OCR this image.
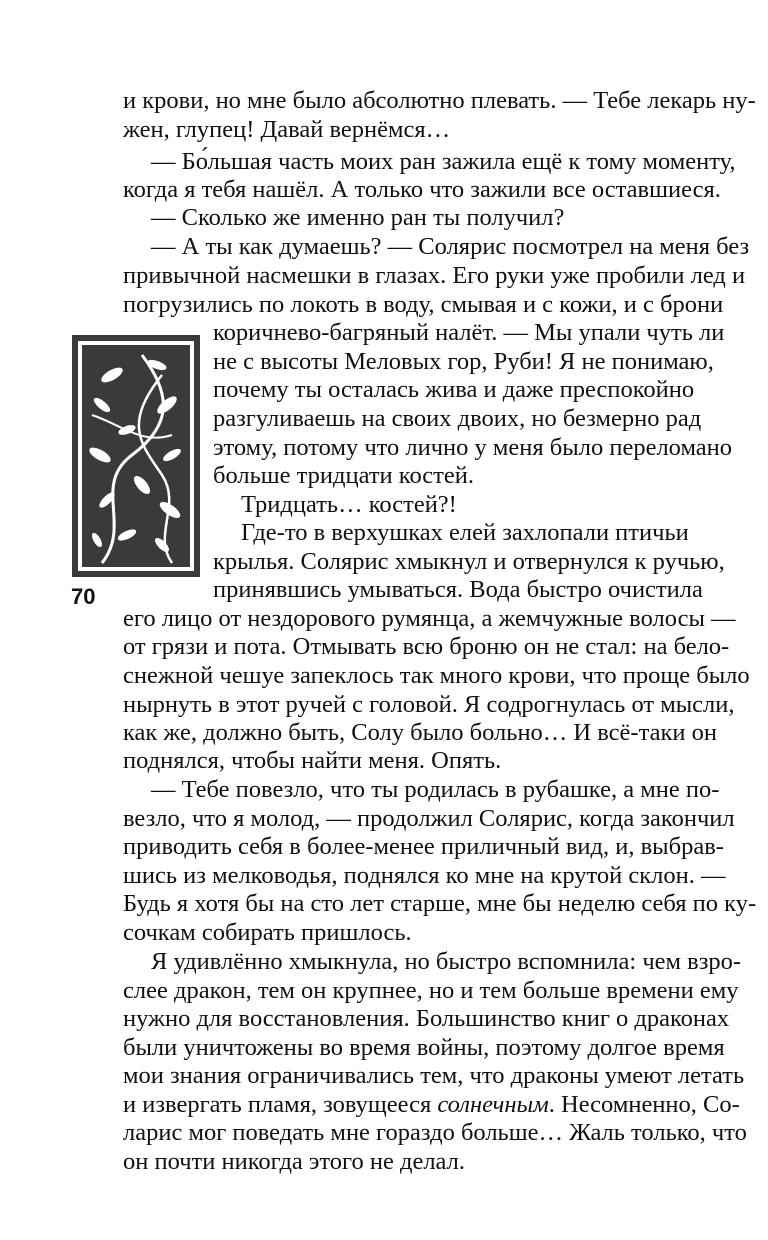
70
и крови, но мне было абсолютно плевать. — Тебе лекарь ну-
жен, глупец! Давай вернёмся…
— Бо́льшая часть моих ран зажила ещё к тому моменту,
когда я тебя нашёл. А только что зажили все оставшиеся.
— Сколько же именно ран ты получил?
— А ты как думаешь? — Солярис посмотрел на меня без
привычной насмешки в глазах. Его руки уже пробили лед и
погрузились по локоть в воду, смывая и с кожи, и с брони
коричнево-багряный налёт. — Мы упали чуть ли
не с высоты Меловых гор, Руби! Я не понимаю,
почему ты осталась жива и даже преспокойно
разгуливаешь на своих двоих, но безмерно рад
этому, потому что лично у меня было переломано
больше тридцати костей.
Тридцать… костей?!
Где-то в верхушках елей захлопали птичьи
крылья. Солярис хмыкнул и отвернулся к ручью,
принявшись умываться. Вода быстро очистила
его лицо от нездорового румянца, а жемчужные волосы —
от грязи и пота. Отмывать всю броню он не стал: на бело-
снежной чешуе запеклось так много крови, что проще было
нырнуть в этот ручей с головой. Я содрогнулась от мысли,
как же, должно быть, Солу было больно… И всё-таки он
поднялся, чтобы найти меня. Опять.
— Тебе повезло, что ты родилась в рубашке, а мне по-
везло, что я молод, — продолжил Солярис, когда закончил
приводить себя в более-менее приличный вид, и, выбрав-
шись из мелководья, поднялся ко мне на крутой склон. —
Будь я хотя бы на сто лет старше, мне бы неделю себя по ку-
сочкам собирать пришлось.
Я удивлённо хмыкнула, но быстро вспомнила: чем взро-
слее дракон, тем он крупнее, но и тем больше времени ему
нужно для восстановления. Большинство книг о драконах
были уничтожены во время войны, поэтому долгое время
мои знания ограничивались тем, что драконы умеют летать
и извергать пламя, зовущееся солнечным. Несомненно, Со-
ларис мог поведать мне гораздо больше… Жаль только, что
он почти никогда этого не делал.
